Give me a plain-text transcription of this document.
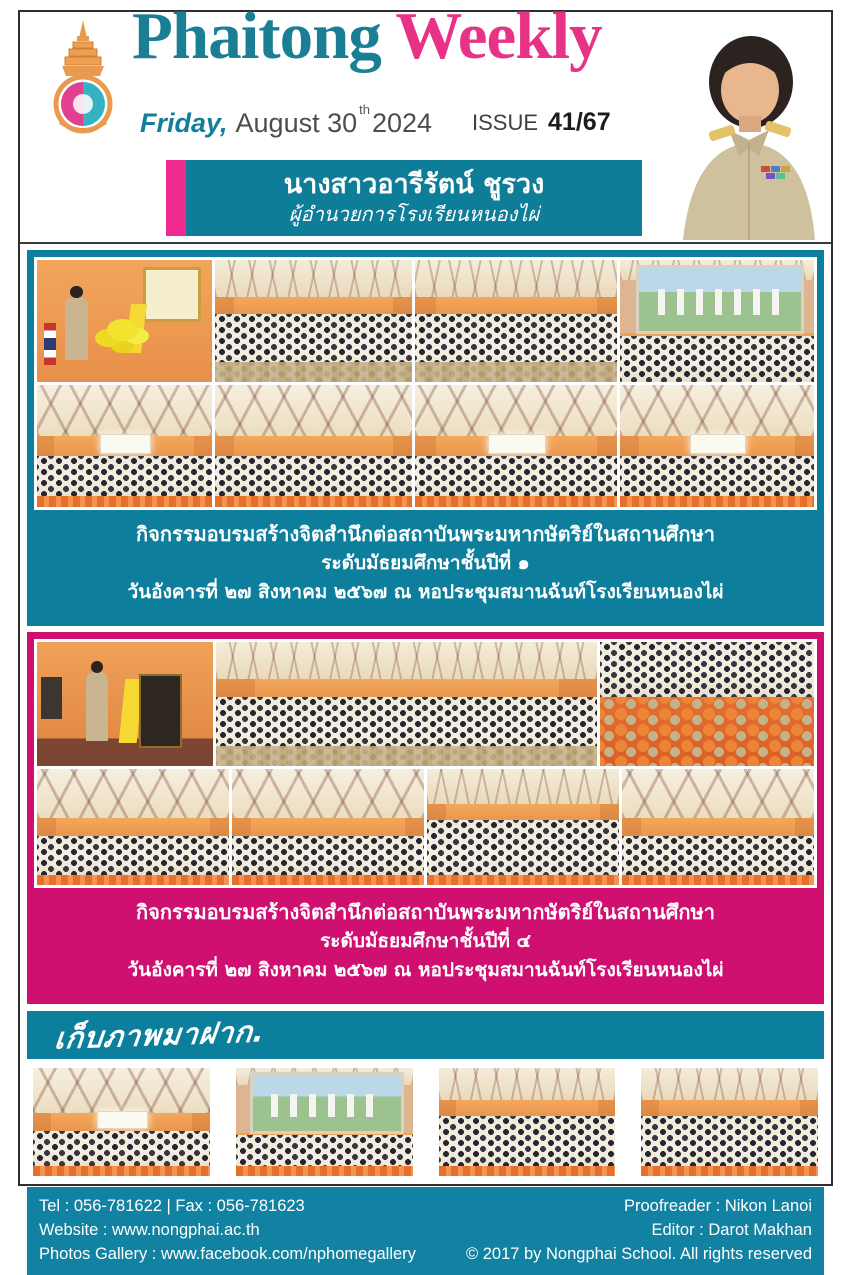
Phaitong Weekly
Friday, August 30 $^{th}$2024 ISSUE 41/67
นางสาวอารีรัตน์ ชูรวง
ผู้อำนวยการโรงเรียนหนองไผ่
กิจกรรมอบรมสร้างจิตสำนึกต่อสถาบันพระมหากษัตริย์ในสถานศึกษา
ระดับมัธยมศึกษาชั้นปีที่ ๑
วันอังคารที่ ๒๗ สิงหาคม ๒๕๖๗ ณ หอประชุมสมานฉันท์โรงเรียนหนองไผ่
กิจกรรมอบรมสร้างจิตสำนึกต่อสถาบันพระมหากษัตริย์ในสถานศึกษา
ระดับมัธยมศึกษาชั้นปีที่ ๔
วันอังคารที่ ๒๗ สิงหาคม ๒๕๖๗ ณ หอประชุมสมานฉันท์โรงเรียนหนองไผ่
เก็บภาพมาฝาก.
Tel : 056-781622 | Fax : 056-781623
Website : www.nongphai.ac.th
Photos Gallery : www.facebook.com/nphomegallery
Proofreader : Nikon Lanoi
Editor : Darot Makhan
© 2017 by Nongphai School. All rights reserved
